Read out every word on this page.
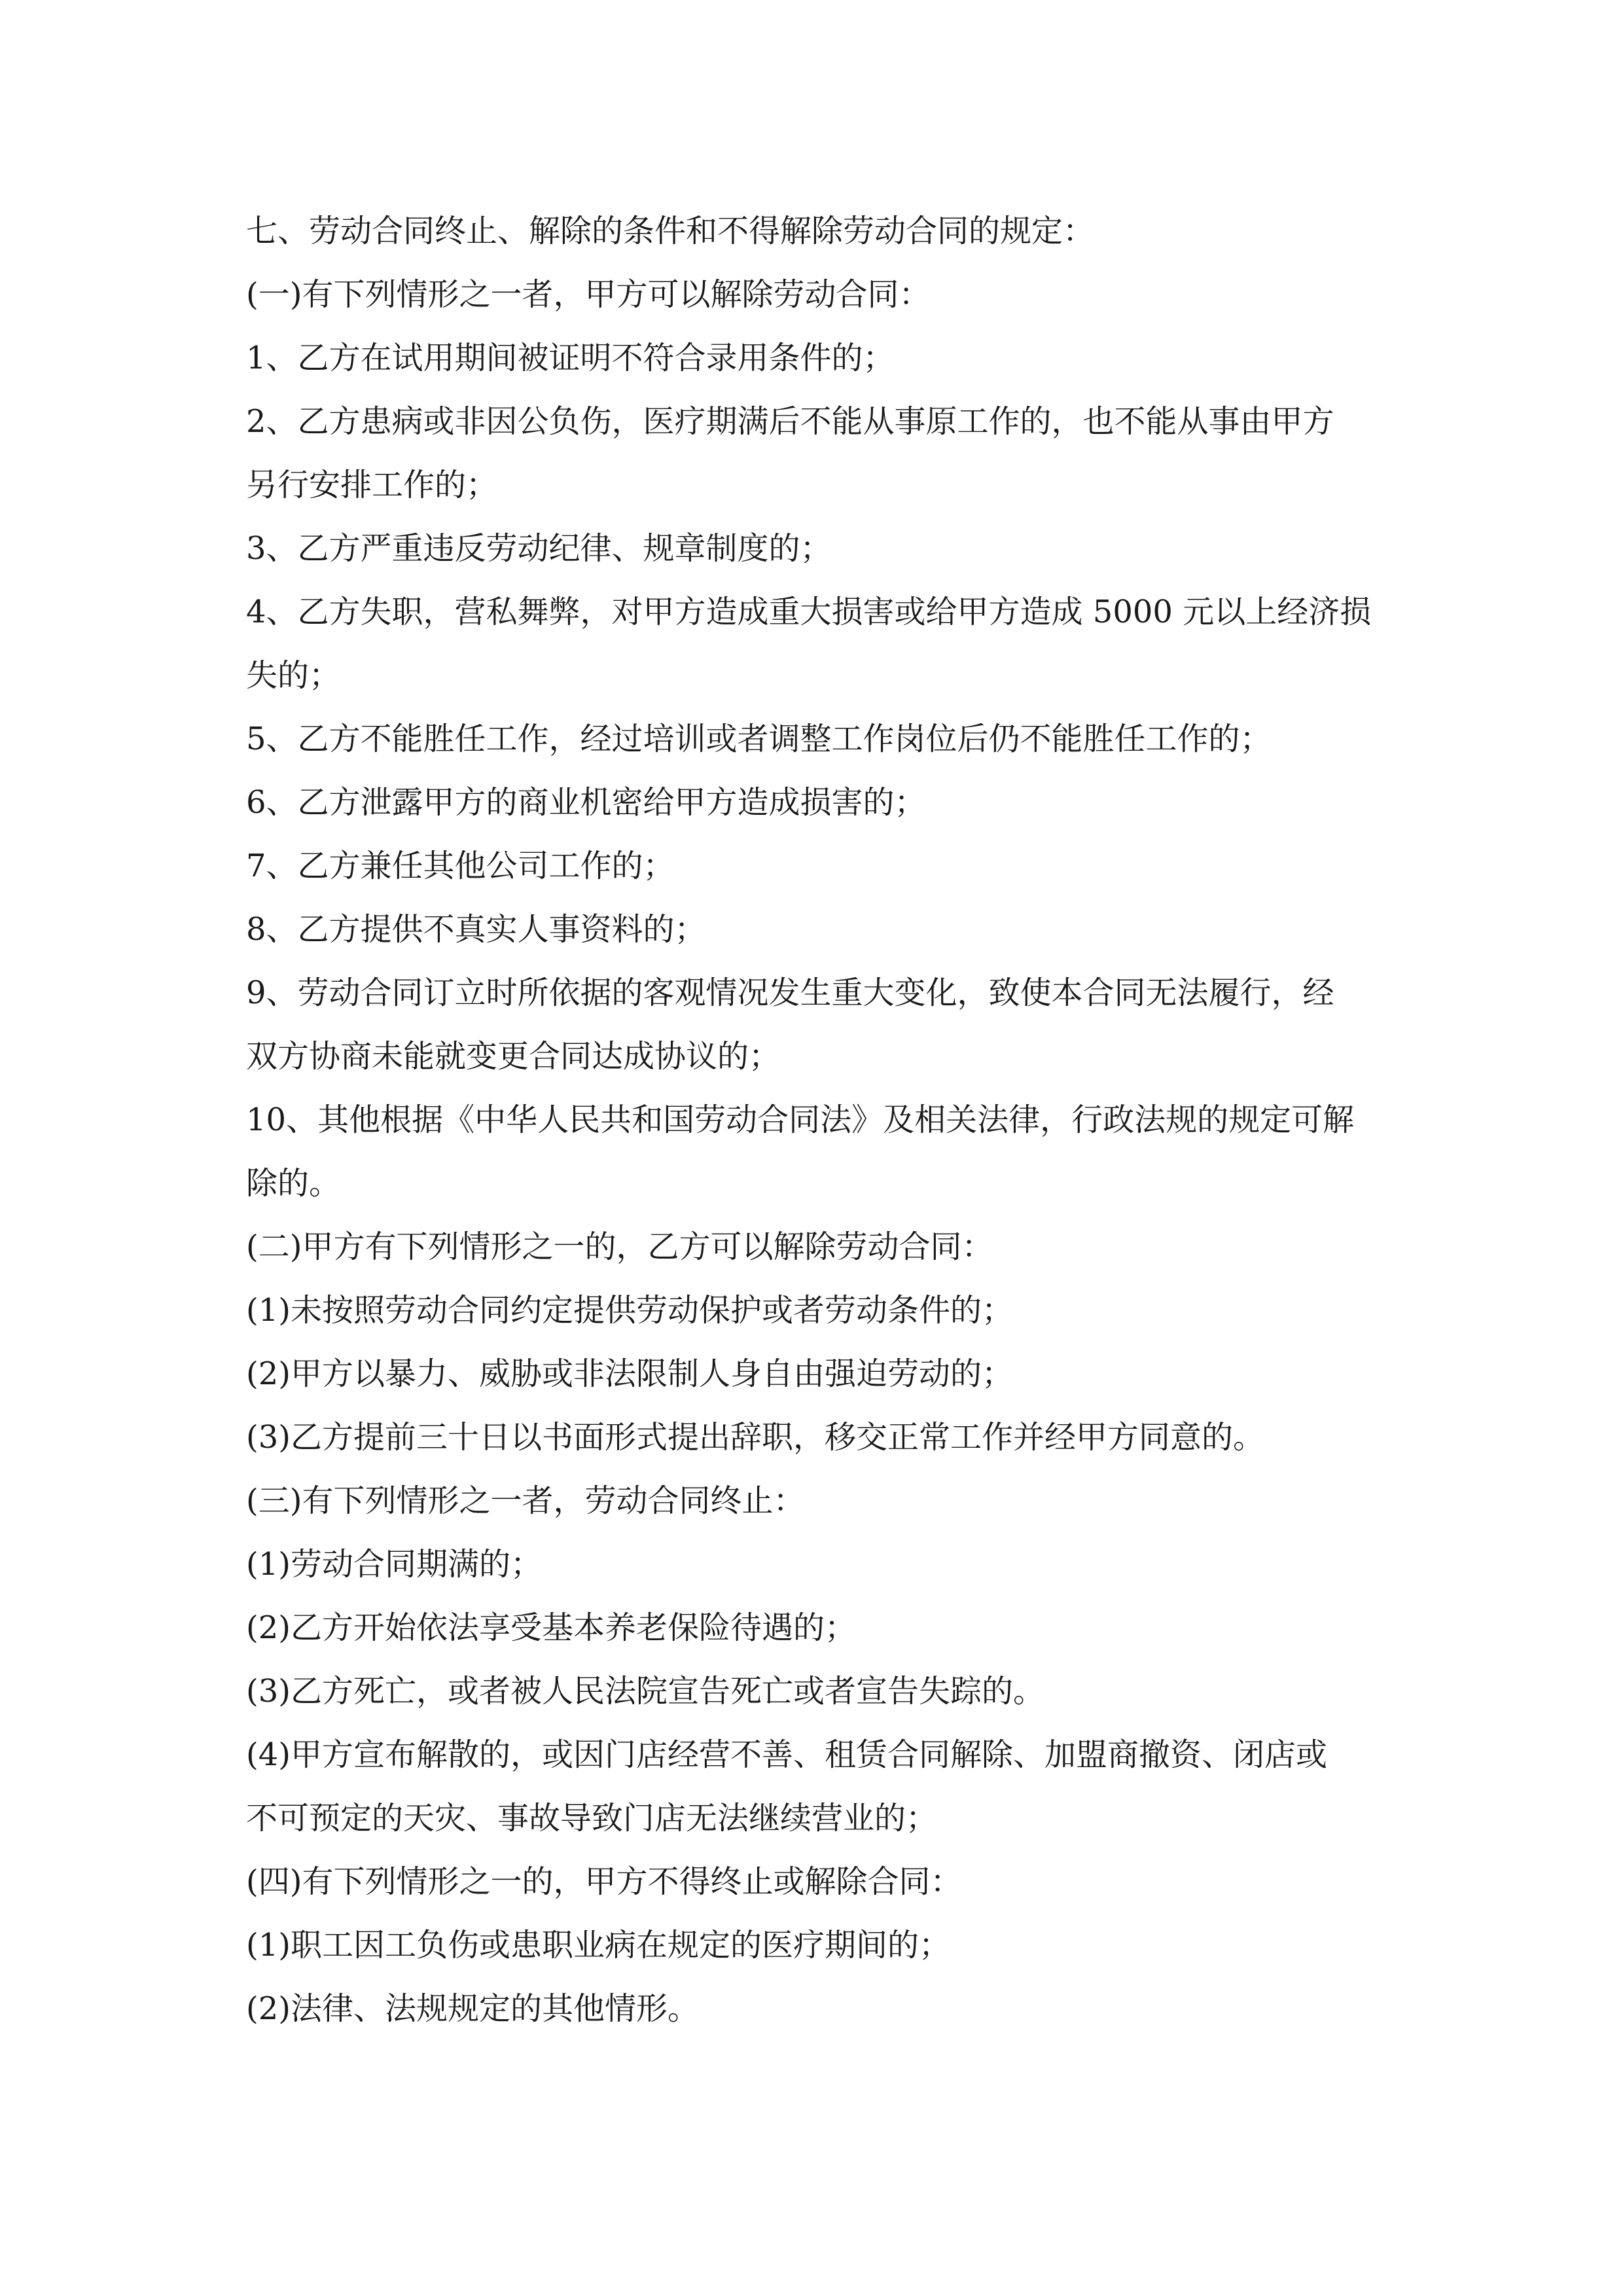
七、劳动合同终止、解除的条件和不得解除劳动合同的规定：
(一)有下列情形之一者，甲方可以解除劳动合同：
1、乙方在试用期间被证明不符合录用条件的；
2、乙方患病或非因公负伤，医疗期满后不能从事原工作的，也不能从事由甲方
另行安排工作的；
3、乙方严重违反劳动纪律、规章制度的；
4、乙方失职，营私舞弊，对甲方造成重大损害或给甲方造成 5000 元以上经济损
失的；
5、乙方不能胜任工作，经过培训或者调整工作岗位后仍不能胜任工作的；
6、乙方泄露甲方的商业机密给甲方造成损害的；
7、乙方兼任其他公司工作的；
8、乙方提供不真实人事资料的；
9、劳动合同订立时所依据的客观情况发生重大变化，致使本合同无法履行，经
双方协商未能就变更合同达成协议的；
10、其他根据《中华人民共和国劳动合同法》及相关法律，行政法规的规定可解
除的。
(二)甲方有下列情形之一的，乙方可以解除劳动合同：
(1)未按照劳动合同约定提供劳动保护或者劳动条件的；
(2)甲方以暴力、威胁或非法限制人身自由强迫劳动的；
(3)乙方提前三十日以书面形式提出辞职，移交正常工作并经甲方同意的。
(三)有下列情形之一者，劳动合同终止：
(1)劳动合同期满的；
(2)乙方开始依法享受基本养老保险待遇的；
(3)乙方死亡，或者被人民法院宣告死亡或者宣告失踪的。
(4)甲方宣布解散的，或因门店经营不善、租赁合同解除、加盟商撤资、闭店或
不可预定的天灾、事故导致门店无法继续营业的；
(四)有下列情形之一的，甲方不得终止或解除合同：
(1)职工因工负伤或患职业病在规定的医疗期间的；
(2)法律、法规规定的其他情形。
